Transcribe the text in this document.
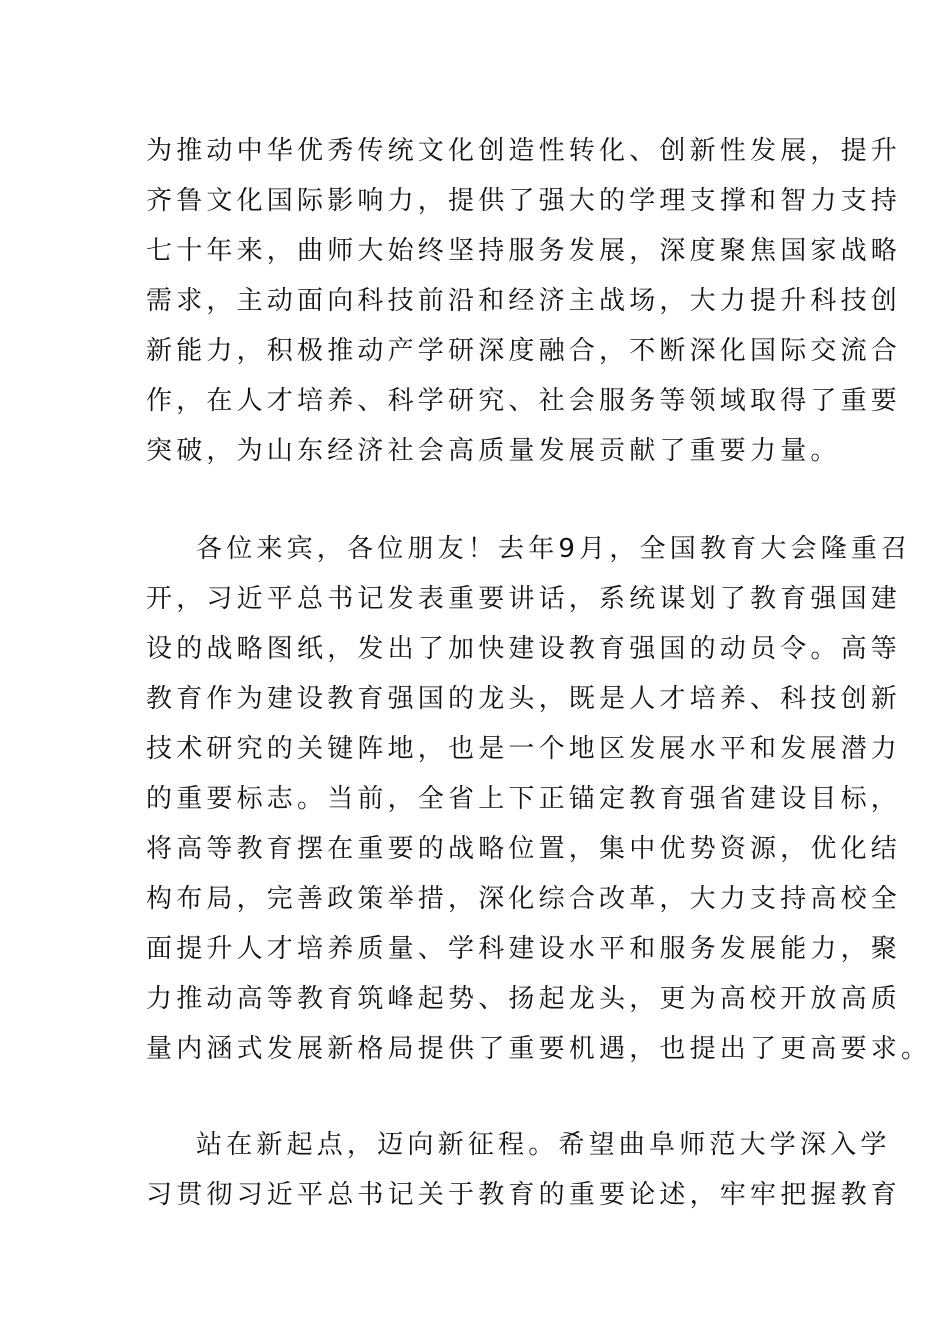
为推动中华优秀传统文化创造性转化、创新性发展，提升
齐鲁文化国际影响力，提供了强大的学理支撑和智力支持
七十年来，曲师大始终坚持服务发展，深度聚焦国家战略
需求，主动面向科技前沿和经济主战场，大力提升科技创
新能力，积极推动产学研深度融合，不断深化国际交流合
作，在人才培养、科学研究、社会服务等领域取得了重要
突破，为山东经济社会高质量发展贡献了重要力量。
各位来宾，各位朋友！去年9月，全国教育大会隆重召
开，习近平总书记发表重要讲话，系统谋划了教育强国建
设的战略图纸，发出了加快建设教育强国的动员令。高等
教育作为建设教育强国的龙头，既是人才培养、科技创新
技术研究的关键阵地，也是一个地区发展水平和发展潜力
的重要标志。当前，全省上下正锚定教育强省建设目标，
将高等教育摆在重要的战略位置，集中优势资源，优化结
构布局，完善政策举措，深化综合改革，大力支持高校全
面提升人才培养质量、学科建设水平和服务发展能力，聚
力推动高等教育筑峰起势、扬起龙头，更为高校开放高质
量内涵式发展新格局提供了重要机遇，也提出了更高要求。
站在新起点，迈向新征程。希望曲阜师范大学深入学
习贯彻习近平总书记关于教育的重要论述，牢牢把握教育
